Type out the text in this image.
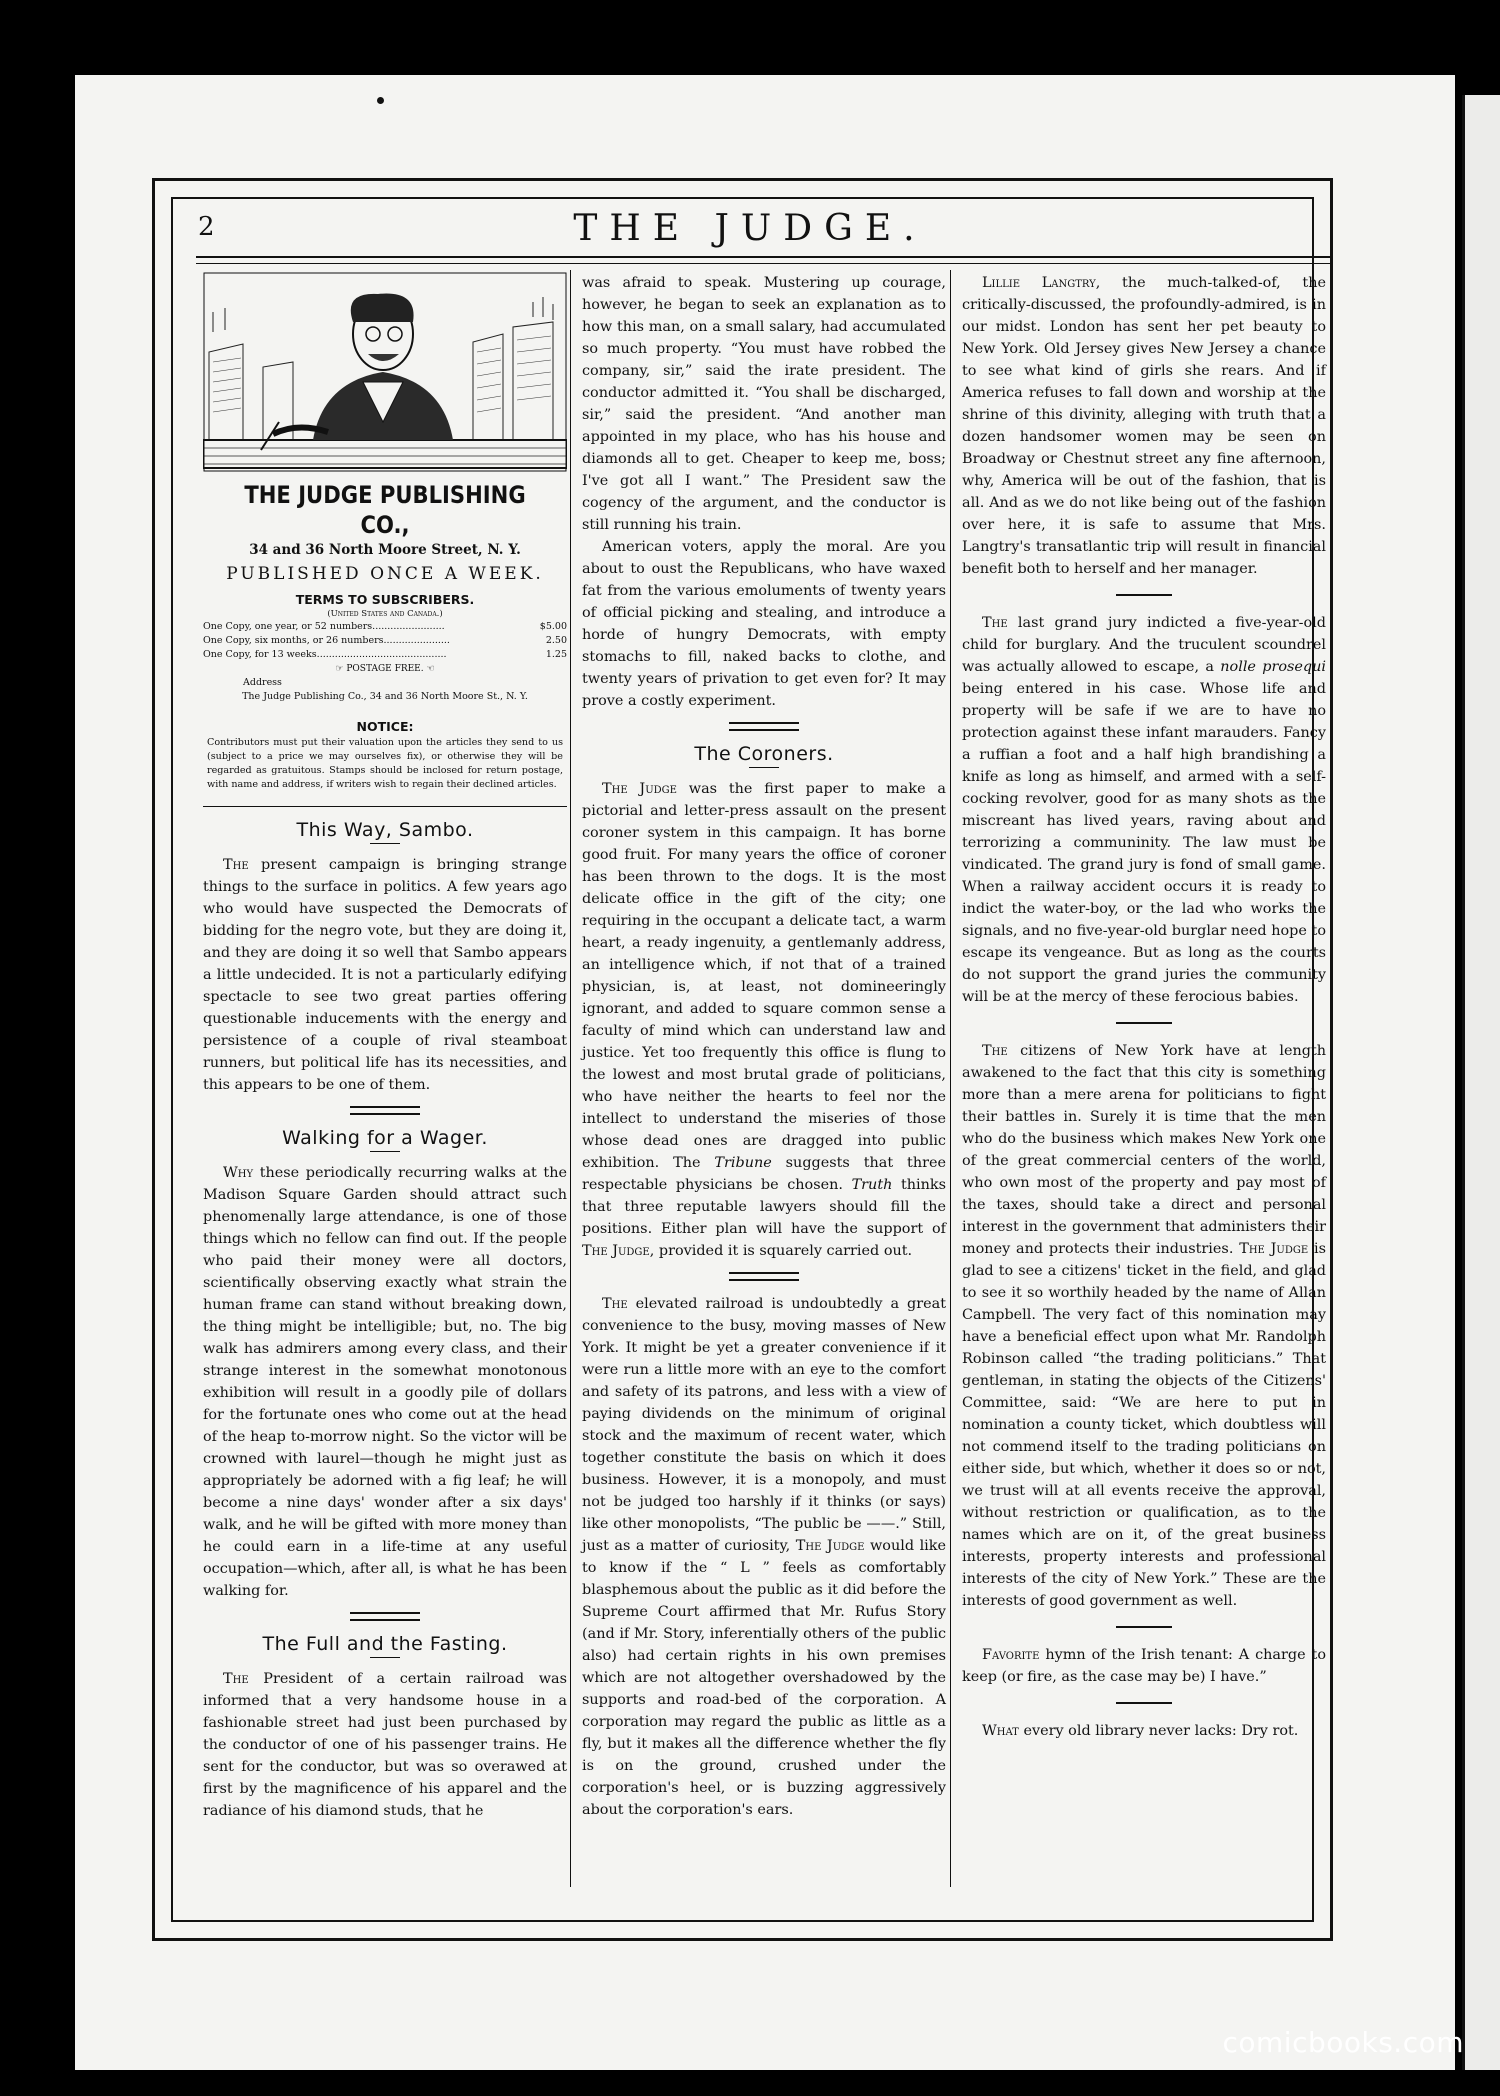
2	THE JUDGE.
THE JUDGE PUBLISHING CO.,
34 and 36 North Moore Street, N. Y.
PUBLISHED ONCE A WEEK.
TERMS TO SUBSCRIBERS.
(United States and Canada.)
One Copy, one year, or 52 numbers........................	$5.00
One Copy, six months, or 26 numbers......................	2.50
One Copy, for 13 weeks...........................................	1.25
☞ POSTAGE FREE. ☜
Address
The Judge Publishing Co., 34 and 36 North Moore St., N. Y.
NOTICE:
Contributors must put their valuation upon the articles they send to us (subject to a price we may ourselves fix), or otherwise they will be regarded as gratuitous. Stamps should be inclosed for return postage, with name and address, if writers wish to regain their declined articles.
This Way, Sambo.

The present campaign is bringing strange things to the surface in politics. A few years ago who would have suspected the Democrats of bidding for the negro vote, but they are doing it, and they are doing it so well that Sambo appears a little undecided. It is not a particularly edifying spectacle to see two great parties offering questionable inducements with the energy and persistence of a couple of rival steamboat runners, but political life has its necessities, and this appears to be one of them.

Walking for a Wager.

Why these periodically recurring walks at the Madison Square Garden should attract such phenomenally large attendance, is one of those things which no fellow can find out. If the people who paid their money were all doctors, scientifically observing exactly what strain the human frame can stand without breaking down, the thing might be intelligible; but, no. The big walk has admirers among every class, and their strange interest in the somewhat monotonous exhibition will result in a goodly pile of dollars for the fortunate ones who come out at the head of the heap to-morrow night. So the victor will be crowned with laurel—though he might just as appropriately be adorned with a fig leaf; he will become a nine days' wonder after a six days' walk, and he will be gifted with more money than he could earn in a life-time at any useful occupation—which, after all, is what he has been walking for.

The Full and the Fasting.

The President of a certain railroad was informed that a very handsome house in a fashionable street had just been purchased by the conductor of one of his passenger trains. He sent for the conductor, but was so overawed at first by the magnificence of his apparel and the radiance of his diamond studs, that he

was afraid to speak. Mustering up courage, however, he began to seek an explanation as to how this man, on a small salary, had accumulated so much property. “You must have robbed the company, sir,” said the irate president. The conductor admitted it. “You shall be discharged, sir,” said the president. “And another man appointed in my place, who has his house and diamonds all to get. Cheaper to keep me, boss; I've got all I want.” The President saw the cogency of the argument, and the conductor is still running his train.

American voters, apply the moral. Are you about to oust the Republicans, who have waxed fat from the various emoluments of twenty years of official picking and stealing, and introduce a horde of hungry Democrats, with empty stomachs to fill, naked backs to clothe, and twenty years of privation to get even for? It may prove a costly experiment.

The Coroners.

The Judge was the first paper to make a pictorial and letter-press assault on the present coroner system in this campaign. It has borne good fruit. For many years the office of coroner has been thrown to the dogs. It is the most delicate office in the gift of the city; one requiring in the occupant a delicate tact, a warm heart, a ready ingenuity, a gentlemanly address, an intelligence which, if not that of a trained physician, is, at least, not domineeringly ignorant, and added to square common sense a faculty of mind which can understand law and justice. Yet too frequently this office is flung to the lowest and most brutal grade of politicians, who have neither the hearts to feel nor the intellect to understand the miseries of those whose dead ones are dragged into public exhibition. The Tribune suggests that three respectable physicians be chosen. Truth thinks that three reputable lawyers should fill the positions. Either plan will have the support of The Judge, provided it is squarely carried out.

The elevated railroad is undoubtedly a great convenience to the busy, moving masses of New York. It might be yet a greater convenience if it were run a little more with an eye to the comfort and safety of its patrons, and less with a view of paying dividends on the minimum of original stock and the maximum of recent water, which together constitute the basis on which it does business. However, it is a monopoly, and must not be judged too harshly if it thinks (or says) like other monopolists, “The public be ——.” Still, just as a matter of curiosity, The Judge would like to know if the “ L ” feels as comfortably blasphemous about the public as it did before the Supreme Court affirmed that Mr. Rufus Story (and if Mr. Story, inferentially others of the public also) had certain rights in his own premises which are not altogether overshadowed by the supports and road-bed of the corporation. A corporation may regard the public as little as a fly, but it makes all the difference whether the fly is on the ground, crushed under the corporation's heel, or is buzzing aggressively about the corporation's ears.

Lillie Langtry, the much-talked-of, the critically-discussed, the profoundly-admired, is in our midst. London has sent her pet beauty to New York. Old Jersey gives New Jersey a chance to see what kind of girls she rears. And if America refuses to fall down and worship at the shrine of this divinity, alleging with truth that a dozen handsomer women may be seen on Broadway or Chestnut street any fine afternoon, why, America will be out of the fashion, that is all. And as we do not like being out of the fashion over here, it is safe to assume that Mrs. Langtry's transatlantic trip will result in financial benefit both to herself and her manager.

The last grand jury indicted a five-year-old child for burglary. And the truculent scoundrel was actually allowed to escape, a nolle prosequi being entered in his case. Whose life and property will be safe if we are to have no protection against these infant marauders. Fancy a ruffian a foot and a half high brandishing a knife as long as himself, and armed with a self-cocking revolver, good for as many shots as the miscreant has lived years, raving about and terrorizing a communinity. The law must be vindicated. The grand jury is fond of small game. When a railway accident occurs it is ready to indict the water-boy, or the lad who works the signals, and no five-year-old burglar need hope to escape its vengeance. But as long as the courts do not support the grand juries the community will be at the mercy of these ferocious babies.

The citizens of New York have at length awakened to the fact that this city is something more than a mere arena for politicians to fight their battles in. Surely it is time that the men who do the business which makes New York one of the great commercial centers of the world, who own most of the property and pay most of the taxes, should take a direct and personal interest in the government that administers their money and protects their industries. The Judge is glad to see a citizens' ticket in the field, and glad to see it so worthily headed by the name of Allan Campbell. The very fact of this nomination may have a beneficial effect upon what Mr. Randolph Robinson called “the trading politicians.” That gentleman, in stating the objects of the Citizens' Committee, said: “We are here to put in nomination a county ticket, which doubtless will not commend itself to the trading politicians on either side, but which, whether it does so or not, we trust will at all events receive the approval, without restriction or qualification, as to the names which are on it, of the great business interests, property interests and professional interests of the city of New York.” These are the interests of good government as well.

Favorite hymn of the Irish tenant: A charge to keep (or fire, as the case may be) I have.”

What every old library never lacks: Dry rot.

comicbooks.com
